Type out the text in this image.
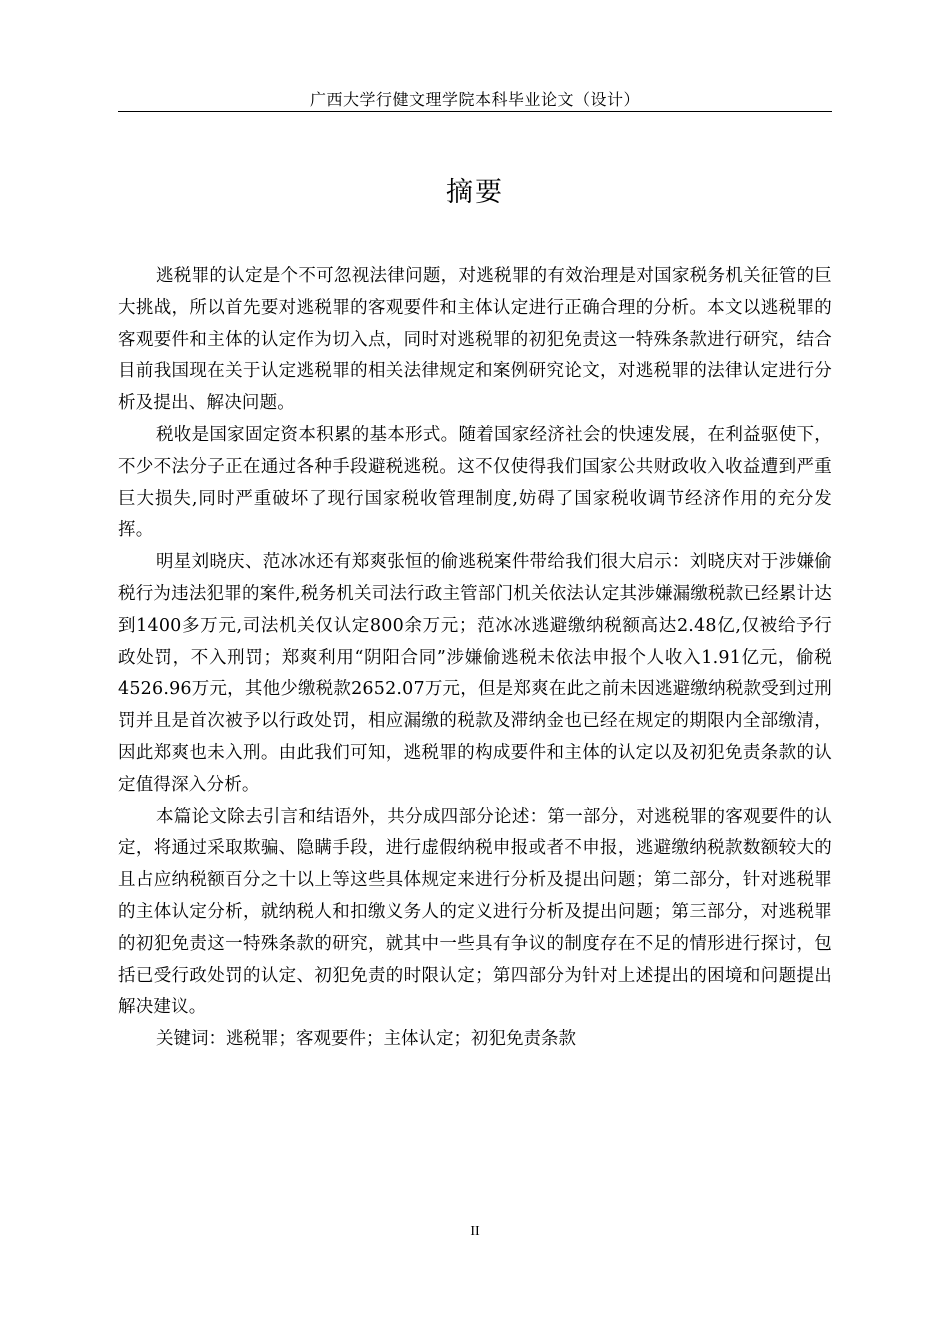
广西大学行健文理学院本科毕业论文（设计）
摘要

逃税罪的认定是个不可忽视法律问题，对逃税罪的有效治理是对国家税务机关征管的巨大挑战，所以首先要对逃税罪的客观要件和主体认定进行正确合理的分析。本文以逃税罪的客观要件和主体的认定作为切入点，同时对逃税罪的初犯免责这一特殊条款进行研究，结合目前我国现在关于认定逃税罪的相关法律规定和案例研究论文，对逃税罪的法律认定进行分析及提出、解决问题。

税收是国家固定资本积累的基本形式。随着国家经济社会的快速发展，在利益驱使下，不少不法分子正在通过各种手段避税逃税。这不仅使得我们国家公共财政收入收益遭到严重巨大损失,同时严重破坏了现行国家税收管理制度,妨碍了国家税收调节经济作用的充分发挥。

明星刘晓庆、范冰冰还有郑爽张恒的偷逃税案件带给我们很大启示：刘晓庆对于涉嫌偷税行为违法犯罪的案件,税务机关司法行政主管部门机关依法认定其涉嫌漏缴税款已经累计达到1400多万元,司法机关仅认定800余万元；范冰冰逃避缴纳税额高达2.48亿,仅被给予行政处罚，不入刑罚；郑爽利用“阴阳合同”涉嫌偷逃税未依法申报个人收入1.91亿元，偷税4526.96万元，其他少缴税款2652.07万元，但是郑爽在此之前未因逃避缴纳税款受到过刑罚并且是首次被予以行政处罚，相应漏缴的税款及滞纳金也已经在规定的期限内全部缴清，因此郑爽也未入刑。由此我们可知，逃税罪的构成要件和主体的认定以及初犯免责条款的认定值得深入分析。

本篇论文除去引言和结语外，共分成四部分论述：第一部分，对逃税罪的客观要件的认定，将通过采取欺骗、隐瞒手段，进行虚假纳税申报或者不申报，逃避缴纳税款数额较大的且占应纳税额百分之十以上等这些具体规定来进行分析及提出问题；第二部分，针对逃税罪的主体认定分析，就纳税人和扣缴义务人的定义进行分析及提出问题；第三部分，对逃税罪的初犯免责这一特殊条款的研究，就其中一些具有争议的制度存在不足的情形进行探讨，包括已受行政处罚的认定、初犯免责的时限认定；第四部分为针对上述提出的困境和问题提出解决建议。

关键词：逃税罪；客观要件；主体认定；初犯免责条款

II
